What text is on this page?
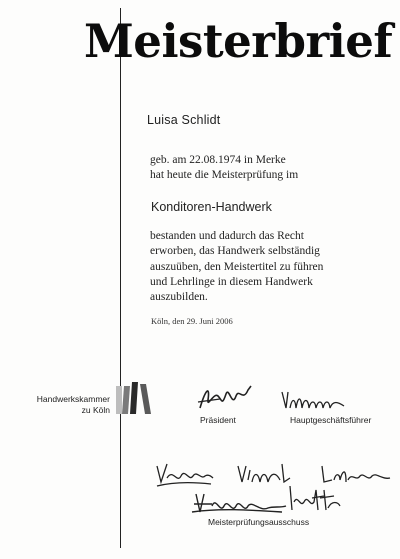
Meisterbrief
Luisa Schlidt
geb. am 22.08.1974 in Merke
hat heute die Meisterprüfung im
Konditoren-Handwerk
bestanden und dadurch das Recht
erworben, das Handwerk selbständig
auszuüben, den Meistertitel zu führen
und Lehrlinge in diesem Handwerk
auszubilden.
Köln, den 29. Juni 2006
Handwerkskammer
zu Köln
Präsident	Hauptgeschäftsführer
Meisterprüfungsausschuss
